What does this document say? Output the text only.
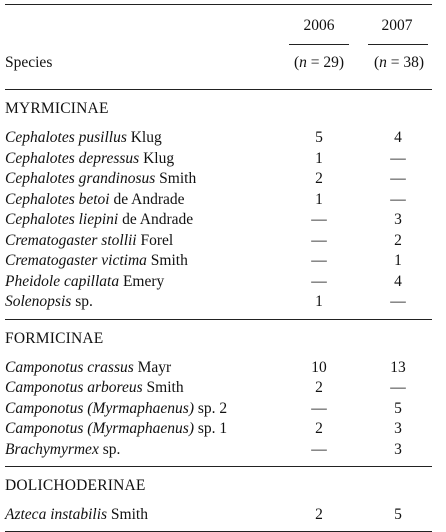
2006	2007
Species	(n = 29)	(n = 38)
MYRMICINAE
Cephalotes pusillus Klug	5	4
Cephalotes depressus Klug	1	—
Cephalotes grandinosus Smith	2	—
Cephalotes betoi de Andrade	1	—
Cephalotes liepini de Andrade	—	3
Crematogaster stollii Forel	—	2
Crematogaster victima Smith	—	1
Pheidole capillata Emery	—	4
Solenopsis sp.	1	—
FORMICINAE
Camponotus crassus Mayr	10	13
Camponotus arboreus Smith	2	—
Camponotus (Myrmaphaenus) sp. 2	—	5
Camponotus (Myrmaphaenus) sp. 1	2	3
Brachymyrmex sp.	—	3
DOLICHODERINAE
Azteca instabilis Smith	2	5
